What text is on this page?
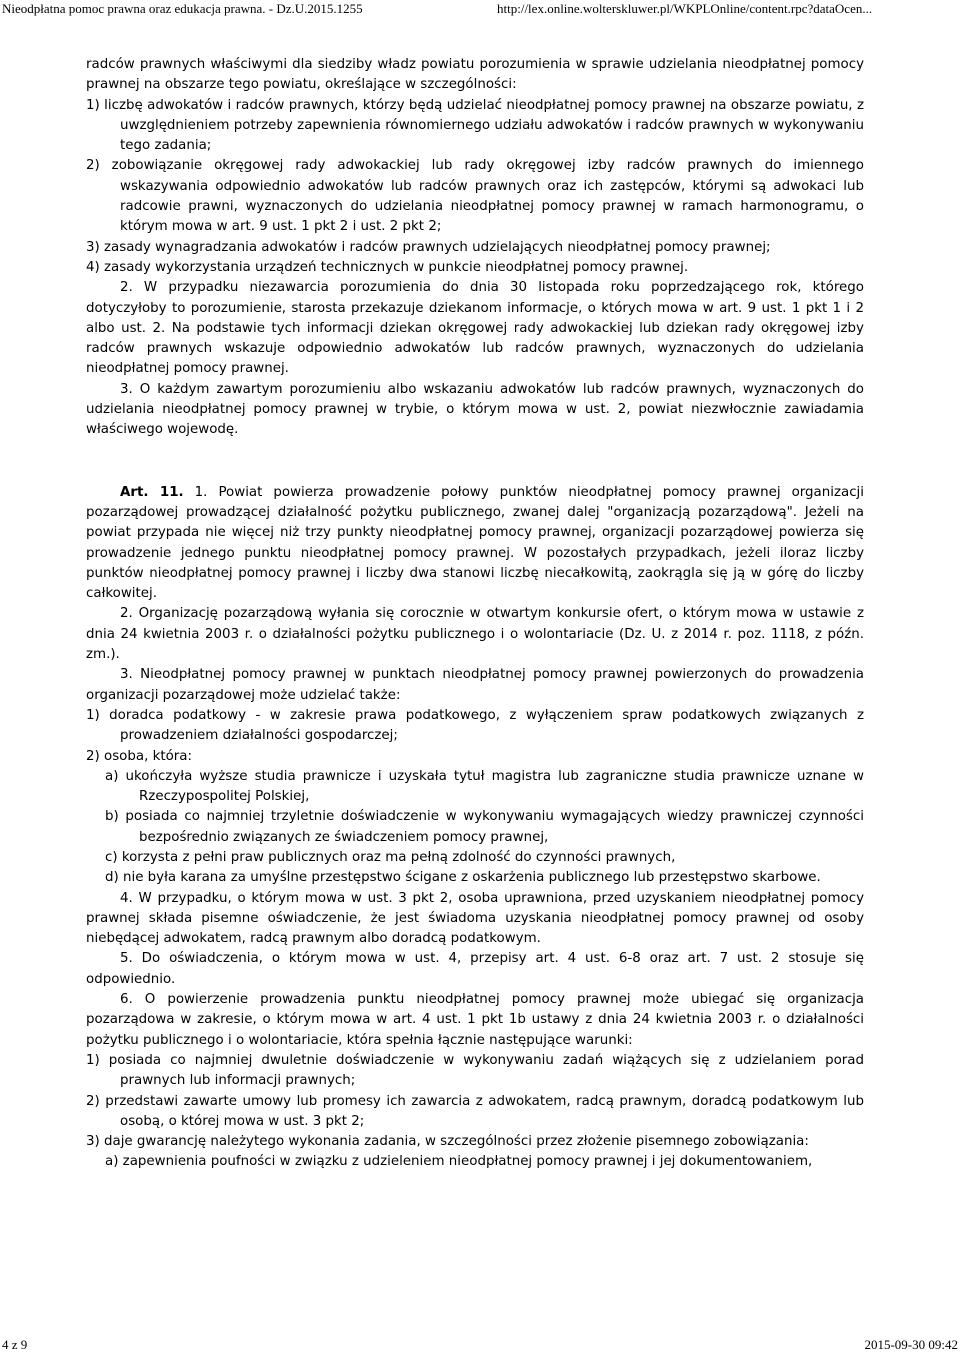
Nieodpłatna pomoc prawna oraz edukacja prawna. - Dz.U.2015.1255	http://lex.online.wolterskluwer.pl/WKPLOnline/content.rpc?dataOcen...

radców prawnych właściwymi dla siedziby władz powiatu porozumienia w sprawie udzielania nieodpłatnej pomocy prawnej na obszarze tego powiatu, określające w szczególności:

1) liczbę adwokatów i radców prawnych, którzy będą udzielać nieodpłatnej pomocy prawnej na obszarze powiatu, z uwzględnieniem potrzeby zapewnienia równomiernego udziału adwokatów i radców prawnych w wykonywaniu tego zadania;

2) zobowiązanie okręgowej rady adwokackiej lub rady okręgowej izby radców prawnych do imiennego wskazywania odpowiednio adwokatów lub radców prawnych oraz ich zastępców, którymi są adwokaci lub radcowie prawni, wyznaczonych do udzielania nieodpłatnej pomocy prawnej w ramach harmonogramu, o którym mowa w art. 9 ust. 1 pkt 2 i ust. 2 pkt 2;

3) zasady wynagradzania adwokatów i radców prawnych udzielających nieodpłatnej pomocy prawnej;

4) zasady wykorzystania urządzeń technicznych w punkcie nieodpłatnej pomocy prawnej.

2. W przypadku niezawarcia porozumienia do dnia 30 listopada roku poprzedzającego rok, którego dotyczyłoby to porozumienie, starosta przekazuje dziekanom informacje, o których mowa w art. 9 ust. 1 pkt 1 i 2 albo ust. 2. Na podstawie tych informacji dziekan okręgowej rady adwokackiej lub dziekan rady okręgowej izby radców prawnych wskazuje odpowiednio adwokatów lub radców prawnych, wyznaczonych do udzielania nieodpłatnej pomocy prawnej.

3. O każdym zawartym porozumieniu albo wskazaniu adwokatów lub radców prawnych, wyznaczonych do udzielania nieodpłatnej pomocy prawnej w trybie, o którym mowa w ust. 2, powiat niezwłocznie zawiadamia właściwego wojewodę.

Art. 11. 1. Powiat powierza prowadzenie połowy punktów nieodpłatnej pomocy prawnej organizacji pozarządowej prowadzącej działalność pożytku publicznego, zwanej dalej "organizacją pozarządową". Jeżeli na powiat przypada nie więcej niż trzy punkty nieodpłatnej pomocy prawnej, organizacji pozarządowej powierza się prowadzenie jednego punktu nieodpłatnej pomocy prawnej. W pozostałych przypadkach, jeżeli iloraz liczby punktów nieodpłatnej pomocy prawnej i liczby dwa stanowi liczbę niecałkowitą, zaokrągla się ją w górę do liczby całkowitej.

2. Organizację pozarządową wyłania się corocznie w otwartym konkursie ofert, o którym mowa w ustawie z dnia 24 kwietnia 2003 r. o działalności pożytku publicznego i o wolontariacie (Dz. U. z 2014 r. poz. 1118, z późn. zm.).

3. Nieodpłatnej pomocy prawnej w punktach nieodpłatnej pomocy prawnej powierzonych do prowadzenia organizacji pozarządowej może udzielać także:

1) doradca podatkowy - w zakresie prawa podatkowego, z wyłączeniem spraw podatkowych związanych z prowadzeniem działalności gospodarczej;

2) osoba, która:

a) ukończyła wyższe studia prawnicze i uzyskała tytuł magistra lub zagraniczne studia prawnicze uznane w Rzeczypospolitej Polskiej,

b) posiada co najmniej trzyletnie doświadczenie w wykonywaniu wymagających wiedzy prawniczej czynności bezpośrednio związanych ze świadczeniem pomocy prawnej,

c) korzysta z pełni praw publicznych oraz ma pełną zdolność do czynności prawnych,

d) nie była karana za umyślne przestępstwo ścigane z oskarżenia publicznego lub przestępstwo skarbowe.

4. W przypadku, o którym mowa w ust. 3 pkt 2, osoba uprawniona, przed uzyskaniem nieodpłatnej pomocy prawnej składa pisemne oświadczenie, że jest świadoma uzyskania nieodpłatnej pomocy prawnej od osoby niebędącej adwokatem, radcą prawnym albo doradcą podatkowym.

5. Do oświadczenia, o którym mowa w ust. 4, przepisy art. 4 ust. 6-8 oraz art. 7 ust. 2 stosuje się odpowiednio.

6. O powierzenie prowadzenia punktu nieodpłatnej pomocy prawnej może ubiegać się organizacja pozarządowa w zakresie, o którym mowa w art. 4 ust. 1 pkt 1b ustawy z dnia 24 kwietnia 2003 r. o działalności pożytku publicznego i o wolontariacie, która spełnia łącznie następujące warunki:

1) posiada co najmniej dwuletnie doświadczenie w wykonywaniu zadań wiążących się z udzielaniem porad prawnych lub informacji prawnych;

2) przedstawi zawarte umowy lub promesy ich zawarcia z adwokatem, radcą prawnym, doradcą podatkowym lub osobą, o której mowa w ust. 3 pkt 2;

3) daje gwarancję należytego wykonania zadania, w szczególności przez złożenie pisemnego zobowiązania:

a) zapewnienia poufności w związku z udzieleniem nieodpłatnej pomocy prawnej i jej dokumentowaniem,

4 z 9	2015-09-30 09:42
